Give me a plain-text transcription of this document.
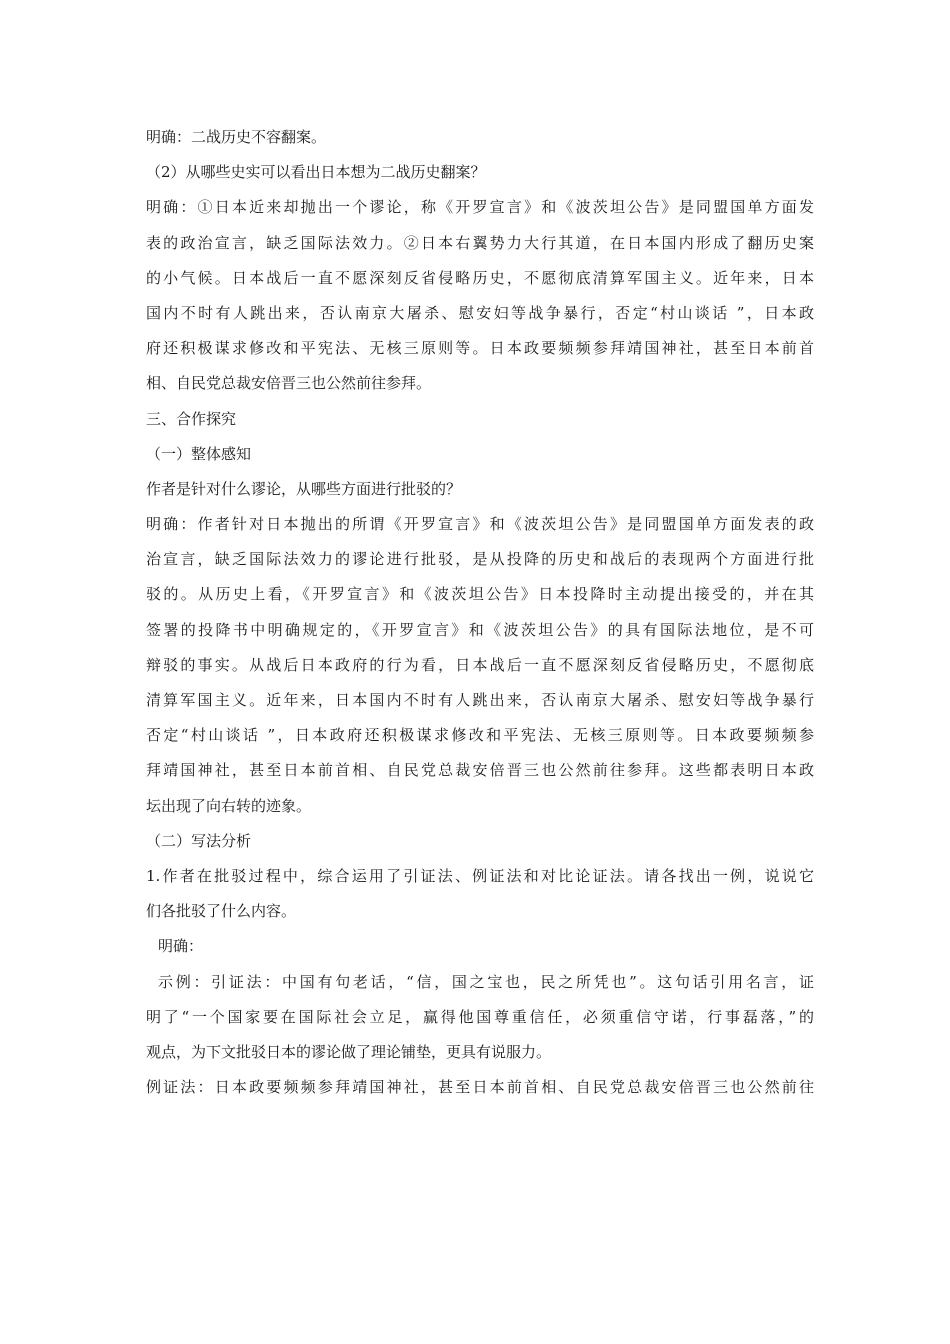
明确：二战历史不容翻案。
（2）从哪些史实可以看出日本想为二战历史翻案？
明确：①日本近来却抛出一个谬论，称《开罗宣言》和《波茨坦公告》是同盟国单方面发
表的政治宣言，缺乏国际法效力。②日本右翼势力大行其道，在日本国内形成了翻历史案
的小气候。日本战后一直不愿深刻反省侵略历史，不愿彻底清算军国主义。近年来，日本
国内不时有人跳出来，否认南京大屠杀、慰安妇等战争暴行，否定“村山谈话 ”，日本政
府还积极谋求修改和平宪法、无核三原则等。日本政要频频参拜靖国神社，甚至日本前首
相、自民党总裁安倍晋三也公然前往参拜。
三、合作探究
（一）整体感知
作者是针对什么谬论，从哪些方面进行批驳的？
明确：作者针对日本抛出的所谓《开罗宣言》和《波茨坦公告》是同盟国单方面发表的政
治宣言，缺乏国际法效力的谬论进行批驳，是从投降的历史和战后的表现两个方面进行批
驳的。从历史上看，《开罗宣言》和《波茨坦公告》日本投降时主动提出接受的，并在其
签署的投降书中明确规定的，《开罗宣言》和《波茨坦公告》的具有国际法地位，是不可
辩驳的事实。从战后日本政府的行为看，日本战后一直不愿深刻反省侵略历史，不愿彻底
清算军国主义。近年来，日本国内不时有人跳出来，否认南京大屠杀、慰安妇等战争暴行
否定“村山谈话 ”，日本政府还积极谋求修改和平宪法、无核三原则等。日本政要频频参
拜靖国神社，甚至日本前首相、自民党总裁安倍晋三也公然前往参拜。这些都表明日本政
坛出现了向右转的迹象。
（二）写法分析
1.作者在批驳过程中，综合运用了引证法、例证法和对比论证法。请各找出一例，说说它
们各批驳了什么内容。
明确：
示例：引证法：中国有句老话，“信，国之宝也，民之所凭也”。这句话引用名言，证
明了“一个国家要在国际社会立足，赢得他国尊重信任，必须重信守诺，行事磊落，”的
观点，为下文批驳日本的谬论做了理论铺垫，更具有说服力。
例证法：日本政要频频参拜靖国神社，甚至日本前首相、自民党总裁安倍晋三也公然前往
